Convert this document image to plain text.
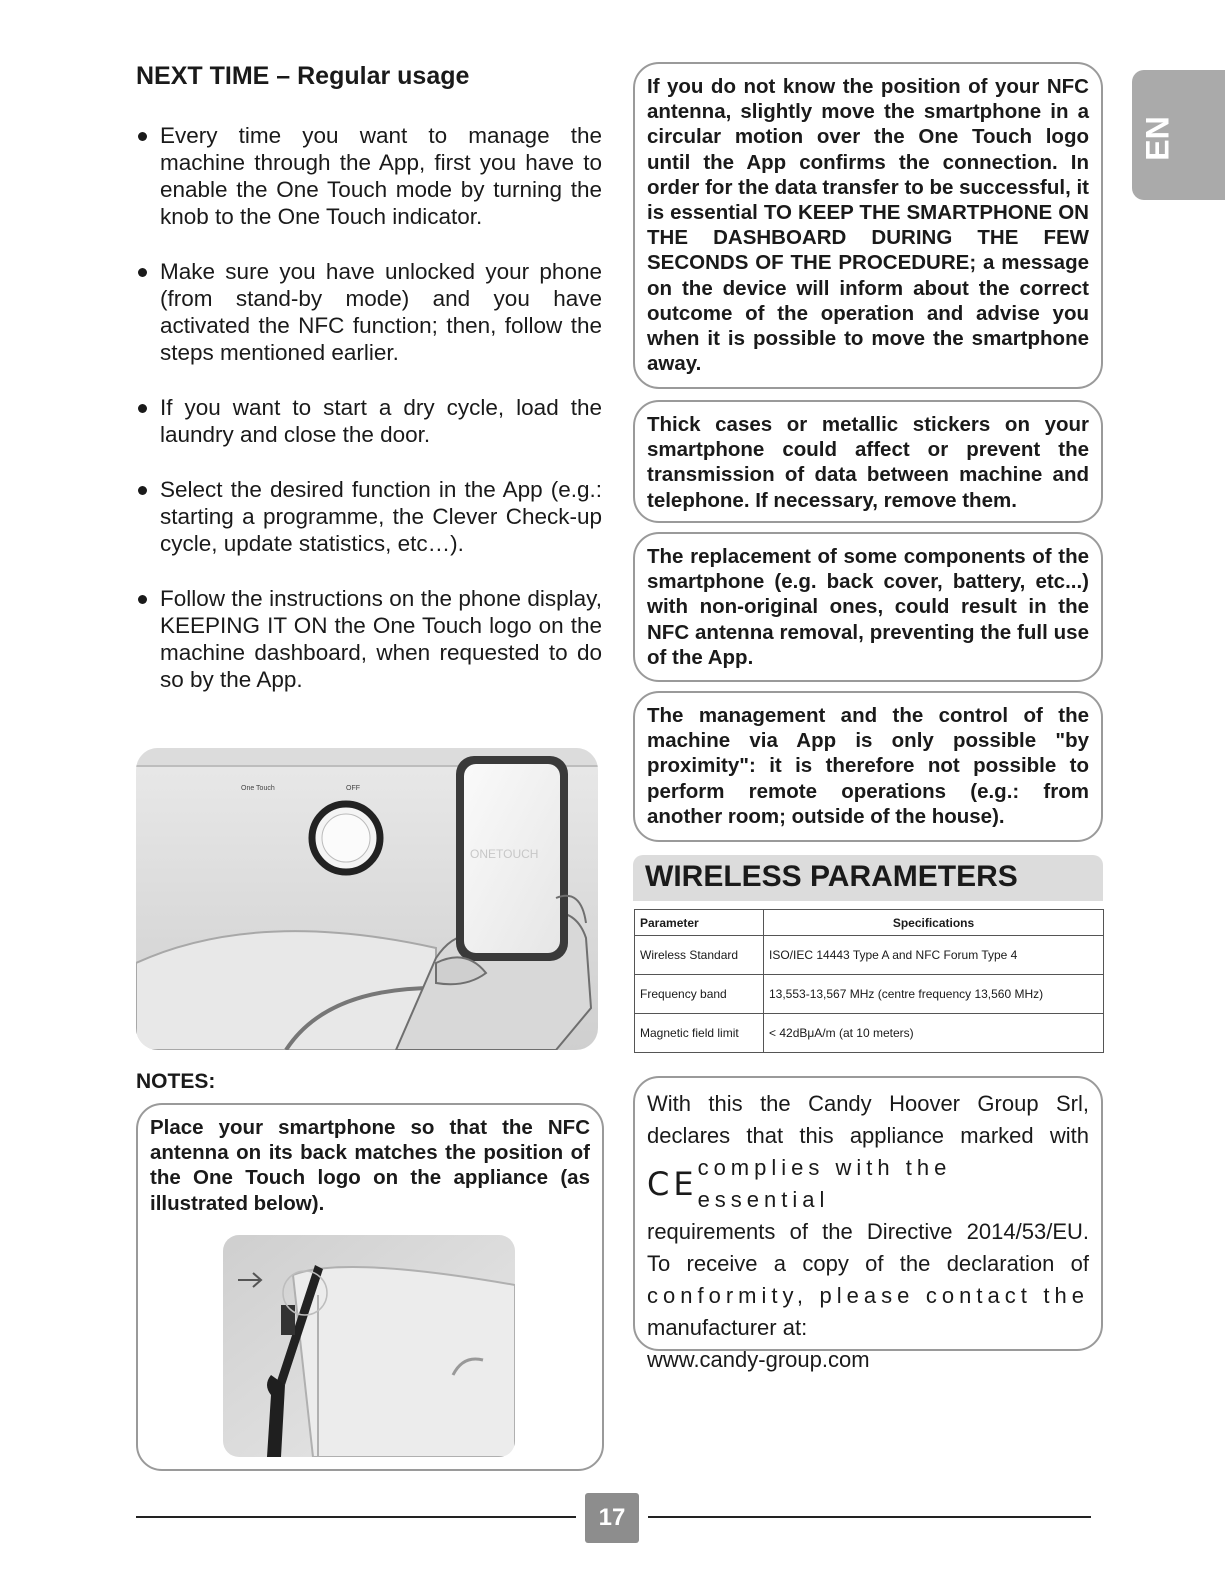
NEXT TIME – Regular usage
Every time you want to manage the machine through the App, first you have to enable the One Touch mode by turning the knob to the One Touch indicator.
Make sure you have unlocked your phone (from stand-by mode) and you have activated the NFC function; then, follow the steps mentioned earlier.
If you want to start a dry cycle, load the laundry and close the door.
Select the desired function in the App (e.g.: starting a programme, the Clever Check-up cycle, update statistics, etc…).
Follow the instructions on the phone display, KEEPING IT ON the One Touch logo on the machine dashboard, when requested to do so by the App.
One Touch	OFF
ONETOUCH
NOTES:

Place your smartphone so that the NFC antenna on its back matches the position of the One Touch logo on the appliance (as illustrated below).

If you do not know the position of your NFC antenna, slightly move the smartphone in a circular motion over the One Touch logo until the App confirms the connection. In order for the data transfer to be successful, it is essential TO KEEP THE SMARTPHONE ON THE DASHBOARD DURING THE FEW SECONDS OF THE PROCEDURE; a message on the device will inform about the correct outcome of the operation and advise you when it is possible to move the smartphone away.

Thick cases or metallic stickers on your smartphone could affect or prevent the transmission of data between machine and telephone. If necessary, remove them.

The replacement of some components of the smartphone (e.g. back cover, battery, etc...) with non-original ones, could result in the NFC antenna removal, preventing the full use of the App.

The management and the control of the machine via App is only possible "by proximity": it is therefore not possible to perform remote operations (e.g.: from another room; outside of the house).

WIRELESS PARAMETERS
Parameter	Specifications
Wireless Standard	ISO/IEC 14443 Type A and NFC Forum Type 4
Frequency band	13,553-13,567 MHz (centre frequency 13,560 MHz)
Magnetic field limit	< 42dBμA/m (at 10 meters)
With this the Candy Hoover Group Srl,
declares that this appliance marked with
CE complies with the essential
requirements of the Directive 2014/53/EU.
To receive a copy of the declaration of
conformity, please contact the
manufacturer at:
www.candy-group.com
EN
17
